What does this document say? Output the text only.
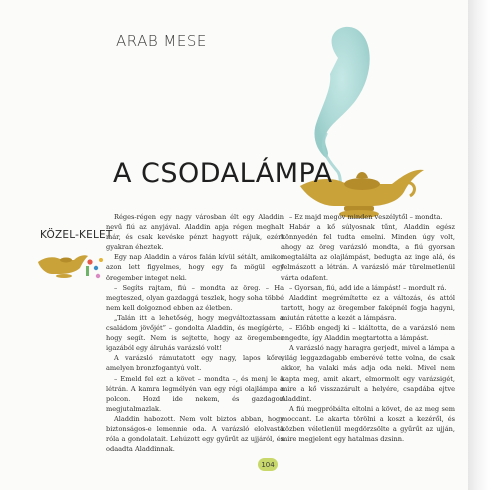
ARAB MESE
A CSODALÁMPA
KÖZEL-KELET

Réges-régen egy nagy városban élt egy Aladdin nevű fiú az anyjával. Aladdin apja régen meghalt már, és csak kevéske pénzt hagyott rájuk, ezért gyakran éheztek.

Egy nap Aladdin a város falán kívül sétált, amikor azon lett figyelmes, hogy egy fa mögül egy öregember integet neki.

– Segíts rajtam, fiú – mondta az öreg. – Ha megteszed, olyan gazdaggá teszlek, hogy soha többé nem kell dolgoznod ebben az életben.

„Talán itt a lehetőség, hogy megváltoztassam a családom jövőjét” – gondolta Aladdin, és megígérte, hogy segít. Nem is sejtette, hogy az öregember igazából egy álruhás varázsló volt!

A varázsló rámutatott egy nagy, lapos kőre, amelyen bronzfogantyú volt.

– Emeld fel ezt a követ – mondta –, és menj le a létrán. A kamra legmélyén van egy régi olajlámpa a polcon. Hozd ide nekem, és gazdagon megjutalmazlak.

Aladdin habozott. Nem volt biztos abban, hogy biztonságos-e lemennie oda. A varázsló elolvasta róla a gondolatait. Lehúzott egy gyűrűt az ujjáról, és odaadta Aladdinnak.

– Ez majd megóv minden veszélytől – mondta.

Habár a kő súlyosnak tűnt, Aladdin egész könnyedén fel tudta emelni. Minden úgy volt, ahogy az öreg varázsló mondta, a fiú gyorsan megtalálta az olajlámpást, bedugta az inge alá, és felmászott a létrán. A varázsló már türelmetlenül várta odafent.

– Gyorsan, fiú, add ide a lámpást! – mordult rá.

Aladdint megrémítette ez a változás, és attól tartott, hogy az öregember faképnél fogja hagyni, miután rátette a kezét a lámpásra.

– Előbb engedj ki – kiáltotta, de a varázsló nem engedte, így Aladdin megtartotta a lámpást.

A varázsló nagy haragra gerjedt, mivel a lámpa a világ leggazdagabb emberévé tette volna, de csak akkor, ha valaki más adja oda neki. Mivel nem kapta meg, amit akart, elmormolt egy varázsigét, mire a kő visszazárult a helyére, csapdába ejtve Aladdint.

A fiú megpróbálta eltolni a követ, de az meg sem moccant. Le akarta törölni a koszt a kezéről, és közben véletlenül megdörzsölte a gyűrűt az ujján, mire megjelent egy hatalmas dzsinn.

104
